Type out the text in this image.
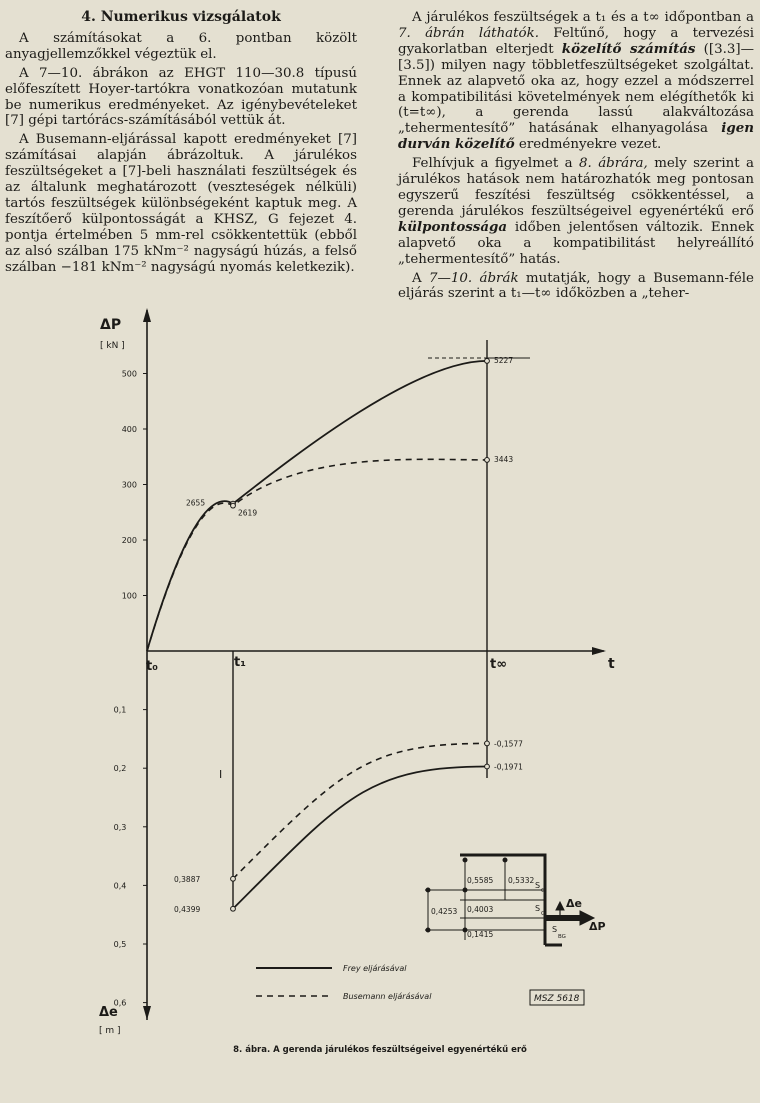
4. Numerikus vizsgálatok

A számításokat a 6. pontban közölt anyagjellemzőkkel végeztük el.

A 7—10. ábrákon az EHGT 110—30.8 típusú előfeszített Hoyer-tartókra vonatkozóan mutatunk be numerikus eredményeket. Az igénybevételeket [7] gépi tartórács-számításából vettük át.

A Busemann-eljárással kapott eredményeket [7] számításai alapján ábrázoltuk. A járulékos feszültségeket a [7]-beli használati feszültségek és az általunk meghatározott (veszteségek nélküli) tartós feszültségek különbségeként kaptuk meg. A feszítőerő külpontosságát a KHSZ, G fejezet 4. pontja értelmében 5 mm-rel csökkentettük (ebből az alsó szálban 175 kNm⁻² nagyságú húzás, a felső szálban −181 kNm⁻² nagyságú nyomás keletkezik).

A járulékos feszültségek a t₁ és a t∞ időpontban a 7. ábrán láthatók. Feltűnő, hogy a tervezési gyakorlatban elterjedt közelítő számítás ([3.3]—[3.5]) milyen nagy többletfeszültségeket szolgáltat. Ennek az alapvető oka az, hogy ezzel a módszerrel a kompatibilitási követelmények nem elégíthetők ki (t=t∞), a gerenda lassú alakváltozása „tehermentesítő” hatásának elhanyagolása igen durván közelítő eredményekre vezet.

Felhívjuk a figyelmet a 8. ábrára, mely szerint a járulékos hatások nem határozhatók meg pontosan egyszerű feszítési feszültség csökkentéssel, a gerenda járulékos feszültségeivel egyenértékű erő külpontossága időben jelentősen változik. Ennek alapvető oka a kompatibilitást helyreállító „tehermentesítő” hatás.

A 7—10. ábrák mutatják, hogy a Busemann-féle eljárás szerint a t₁—t∞ időközben a „teher-

ΔP
[ kN ]
Δe
[ m ]
t
t₀	t₁	t∞
I
100
200
300
400
500
0,1
0,2
0,3
0,4
0,5
0,6
2655
2619
5227
3443
0,4399
0,3887
-0,1971
-0,1577
Frey eljárásával
Busemann eljárásával	MSZ 5618
0,5585 0,5332
0,4253 0,4003
0,1415
S
G
S
G
S
BG
Δe
ΔP
8. ábra. A gerenda járulékos feszültségeivel egyenértékű erő
